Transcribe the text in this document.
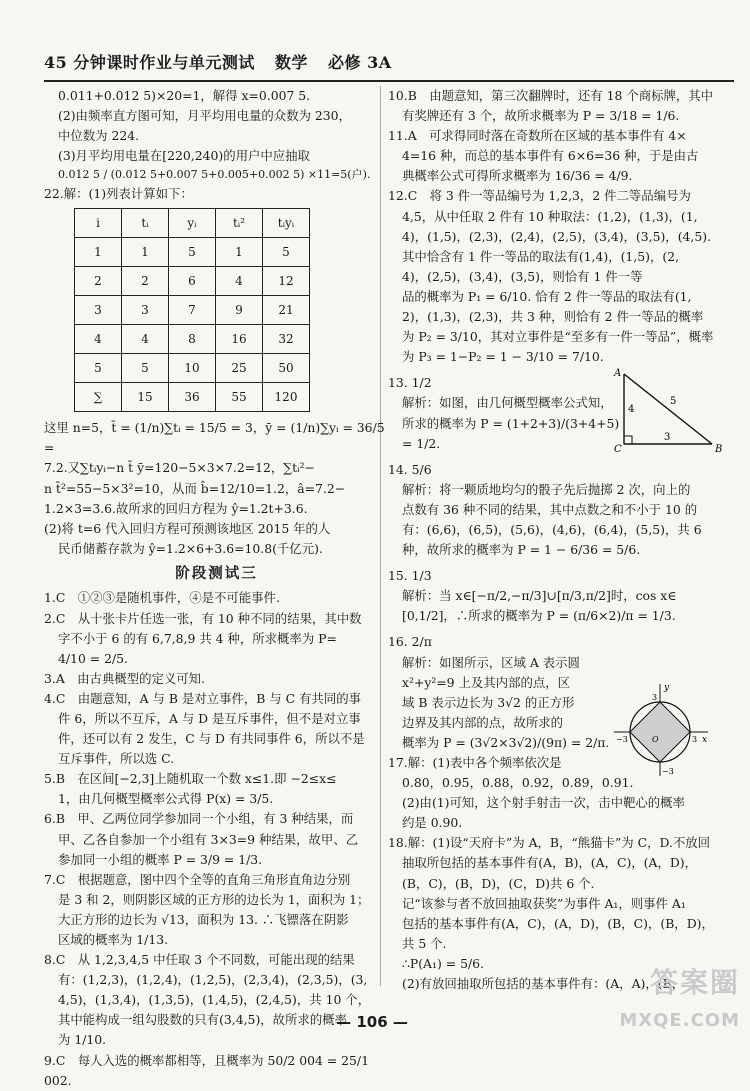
45 分钟课时作业与单元测试 数学 必修 3A

0.011+0.012 5)×20=1，解得 x=0.007 5.

(2)由频率直方图可知，月平均用电量的众数为 230，

中位数为 224.

(3)月平均用电量在[220,240)的用户中应抽取

0.012 5 / (0.012 5+0.007 5+0.005+0.002 5) ×11=5(户).

22.解：(1)列表计算如下：

i	tᵢ	yᵢ	tᵢ²	tᵢyᵢ
1	1	5	1	5
2	2	6	4	12
3	3	7	9	21
4	4	8	16	32
5	5	10	25	50
∑	15	36	55	120

这里 n=5，t̄ = (1/n)∑tᵢ = 15/5 = 3，ȳ = (1/n)∑yᵢ = 36/5 =

7.2.又∑tᵢyᵢ−n t̄ ȳ=120−5×3×7.2=12，∑tᵢ²−

n t̄²=55−5×3²=10，从而 b̂=12/10=1.2，â=7.2−

1.2×3=3.6.故所求的回归方程为 ŷ=1.2t+3.6.

(2)将 t=6 代入回归方程可预测该地区 2015 年的人

民币储蓄存款为 ŷ=1.2×6+3.6=10.8(千亿元).

阶段测试三

1.C　①②③是随机事件，④是不可能事件.

2.C　从十张卡片任选一张，有 10 种不同的结果，其中数

字不小于 6 的有 6,7,8,9 共 4 种，所求概率为 P=

4/10 = 2/5.

3.A　由古典概型的定义可知.

4.C　由题意知，A 与 B 是对立事件，B 与 C 有共同的事

件 6，所以不互斥，A 与 D 是互斥事件，但不是对立事

件，还可以有 2 发生，C 与 D 有共同事件 6，所以不是

互斥事件，所以选 C.

5.B　在区间[−2,3]上随机取一个数 x≤1.即 −2≤x≤

1，由几何概型概率公式得 P(x) = 3/5.

6.B　甲、乙两位同学参加同一个小组，有 3 种结果，而

甲、乙各自参加一个小组有 3×3=9 种结果，故甲、乙

参加同一小组的概率 P = 3/9 = 1/3.

7.C　根据题意，图中四个全等的直角三角形直角边分别

是 3 和 2，则阴影区域的正方形的边长为 1，面积为 1；

大正方形的边长为 √13，面积为 13. ∴飞镖落在阴影

区域的概率为 1/13.

8.C　从 1,2,3,4,5 中任取 3 个不同数，可能出现的结果

有：(1,2,3)，(1,2,4)，(1,2,5)，(2,3,4)，(2,3,5)，(3,

4,5)，(1,3,4)，(1,3,5)，(1,4,5)，(2,4,5)，共 10 个，

其中能构成一组勾股数的只有(3,4,5)，故所求的概率

为 1/10.

9.C　每人入选的概率都相等，且概率为 50/2 004 = 25/1 002.

10.B　由题意知，第三次翻牌时，还有 18 个商标牌，其中

有奖牌还有 3 个，故所求概率为 P = 3/18 = 1/6.

11.A　可求得同时落在奇数所在区域的基本事件有 4×

4=16 种，而总的基本事件有 6×6=36 种，于是由古

典概率公式可得所求概率为 16/36 = 4/9.

12.C　将 3 件一等品编号为 1,2,3，2 件二等品编号为

4,5，从中任取 2 件有 10 种取法：(1,2)，(1,3)，(1,

4)，(1,5)，(2,3)，(2,4)，(2,5)，(3,4)，(3,5)，(4,5).

其中恰含有 1 件一等品的取法有(1,4)，(1,5)，(2,

4)，(2,5)，(3,4)，(3,5)，则恰有 1 件一等

品的概率为 P₁ = 6/10. 恰有 2 件一等品的取法有(1,

2)，(1,3)，(2,3)，共 3 种，则恰有 2 件一等品的概率

为 P₂ = 3/10，其对立事件是“至多有一件一等品”，概率

为 P₃ = 1−P₂ = 1 − 3/10 = 7/10.

13. 1/2

解析：如图，由几何概型概率公式知，

所求的概率为 P = (1+2+3)/(3+4+5) = 1/2.

14. 5/6

解析：将一颗质地均匀的骰子先后抛掷 2 次，向上的

点数有 36 种不同的结果，其中点数之和不小于 10 的

有：(6,6)，(6,5)，(5,6)，(4,6)，(6,4)，(5,5)，共 6

种，故所求的概率为 P = 1 − 6/36 = 5/6.

15. 1/3

解析：当 x∈[−π/2,−π/3]∪[π/3,π/2]时，cos x∈

[0,1/2]，∴所求的概率为 P = (π/6×2)/π = 1/3.

16. 2/π

解析：如图所示，区域 A 表示圆

x²+y²=9 上及其内部的点，区

域 B 表示边长为 3√2 的正方形

边界及其内部的点，故所求的

概率为 P = (3√2×3√2)/(9π) = 2/π.

17.解：(1)表中各个频率依次是

0.80，0.95，0.88，0.92，0.89，0.91.

(2)由(1)可知，这个射手射击一次，击中靶心的概率

约是 0.90.

18.解：(1)设“天府卡”为 A，B，“熊猫卡”为 C，D.不放回

抽取所包括的基本事件有(A，B)，(A，C)，(A，D)，

(B，C)，(B，D)，(C，D)共 6 个.

记“该参与者不放回抽取获奖”为事件 A₁，则事件 A₁

包括的基本事件有(A，C)，(A，D)，(B，C)，(B，D)，

共 5 个.

∴P(A₁) = 5/6.

(2)有放回抽取所包括的基本事件有：(A，A)，(B，

A
C	B
5
3
4
y
x
3
−3	3
−3
O
— 106 —
答案圈
MXQE.COM
